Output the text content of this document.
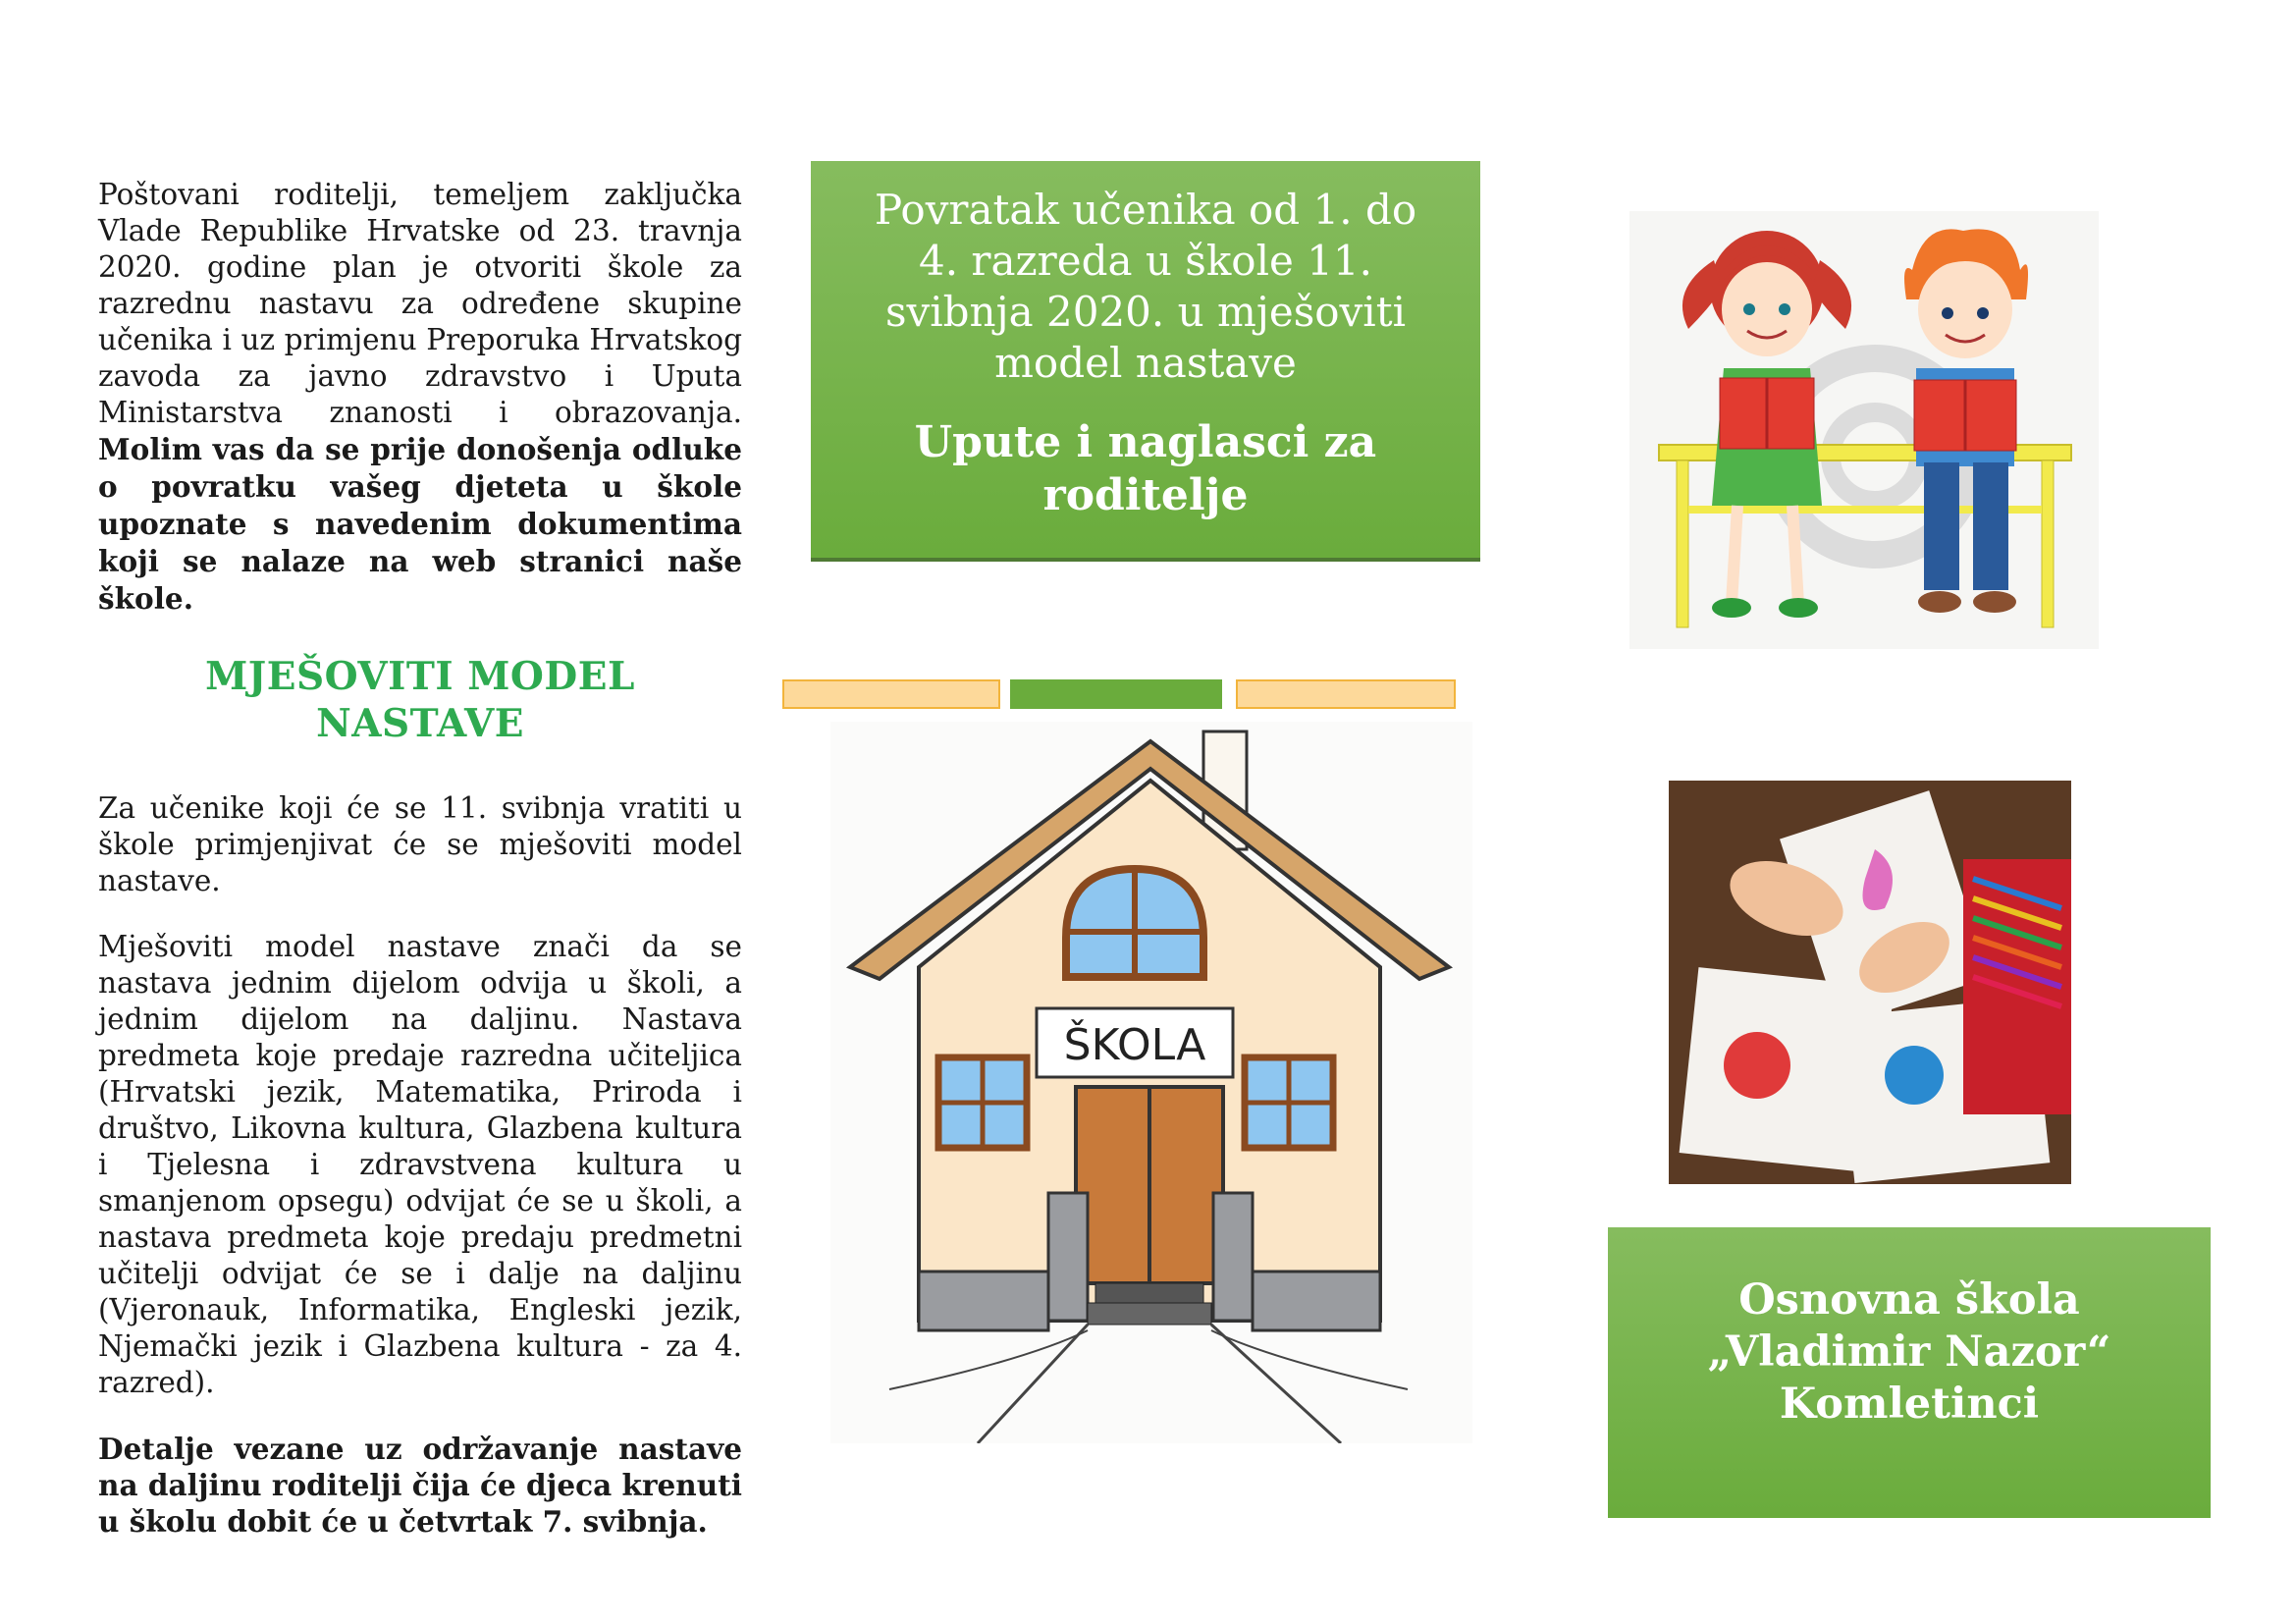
Poštovani roditelji, temeljem zaključka Vlade Republike Hrvatske od 23. travnja 2020. godine plan je otvoriti škole za razrednu nastavu za određene skupine učenika i uz primjenu Preporuka Hrvatskog zavoda za javno zdravstvo i Uputa Ministarstva znanosti i obrazovanja. Molim vas da se prije donošenja odluke o povratku vašeg djeteta u škole upoznate s navedenim dokumentima koji se nalaze na web stranici naše škole.

MJEŠOVITI MODEL
NASTAVE

Za učenike koji će se 11. svibnja vratiti u škole primjenjivat će se mješoviti model nastave.

Mješoviti model nastave znači da se nastava jednim dijelom odvija u školi, a jednim dijelom na daljinu. Nastava predmeta koje predaje razredna učiteljica (Hrvatski jezik, Matematika, Priroda i društvo, Likovna kultura, Glazbena kultura i Tjelesna i zdravstvena kultura u smanjenom opsegu) odvijat će se u školi, a nastava predmeta koje predaju predmetni učitelji odvijat će se i dalje na daljinu (Vjeronauk, Informatika, Engleski jezik, Njemački jezik i Glazbena kultura - za 4. razred).

Detalje vezane uz održavanje nastave na daljinu roditelji čija će djeca krenuti u školu dobit će u četvrtak 7. svibnja.

Povratak učenika od 1. do 4. razreda u škole 11. svibnja 2020. u mješoviti model nastave
Upute i naglasci za roditelje
ŠKOLA
Osnovna škola
„Vladimir Nazor“
Komletinci
